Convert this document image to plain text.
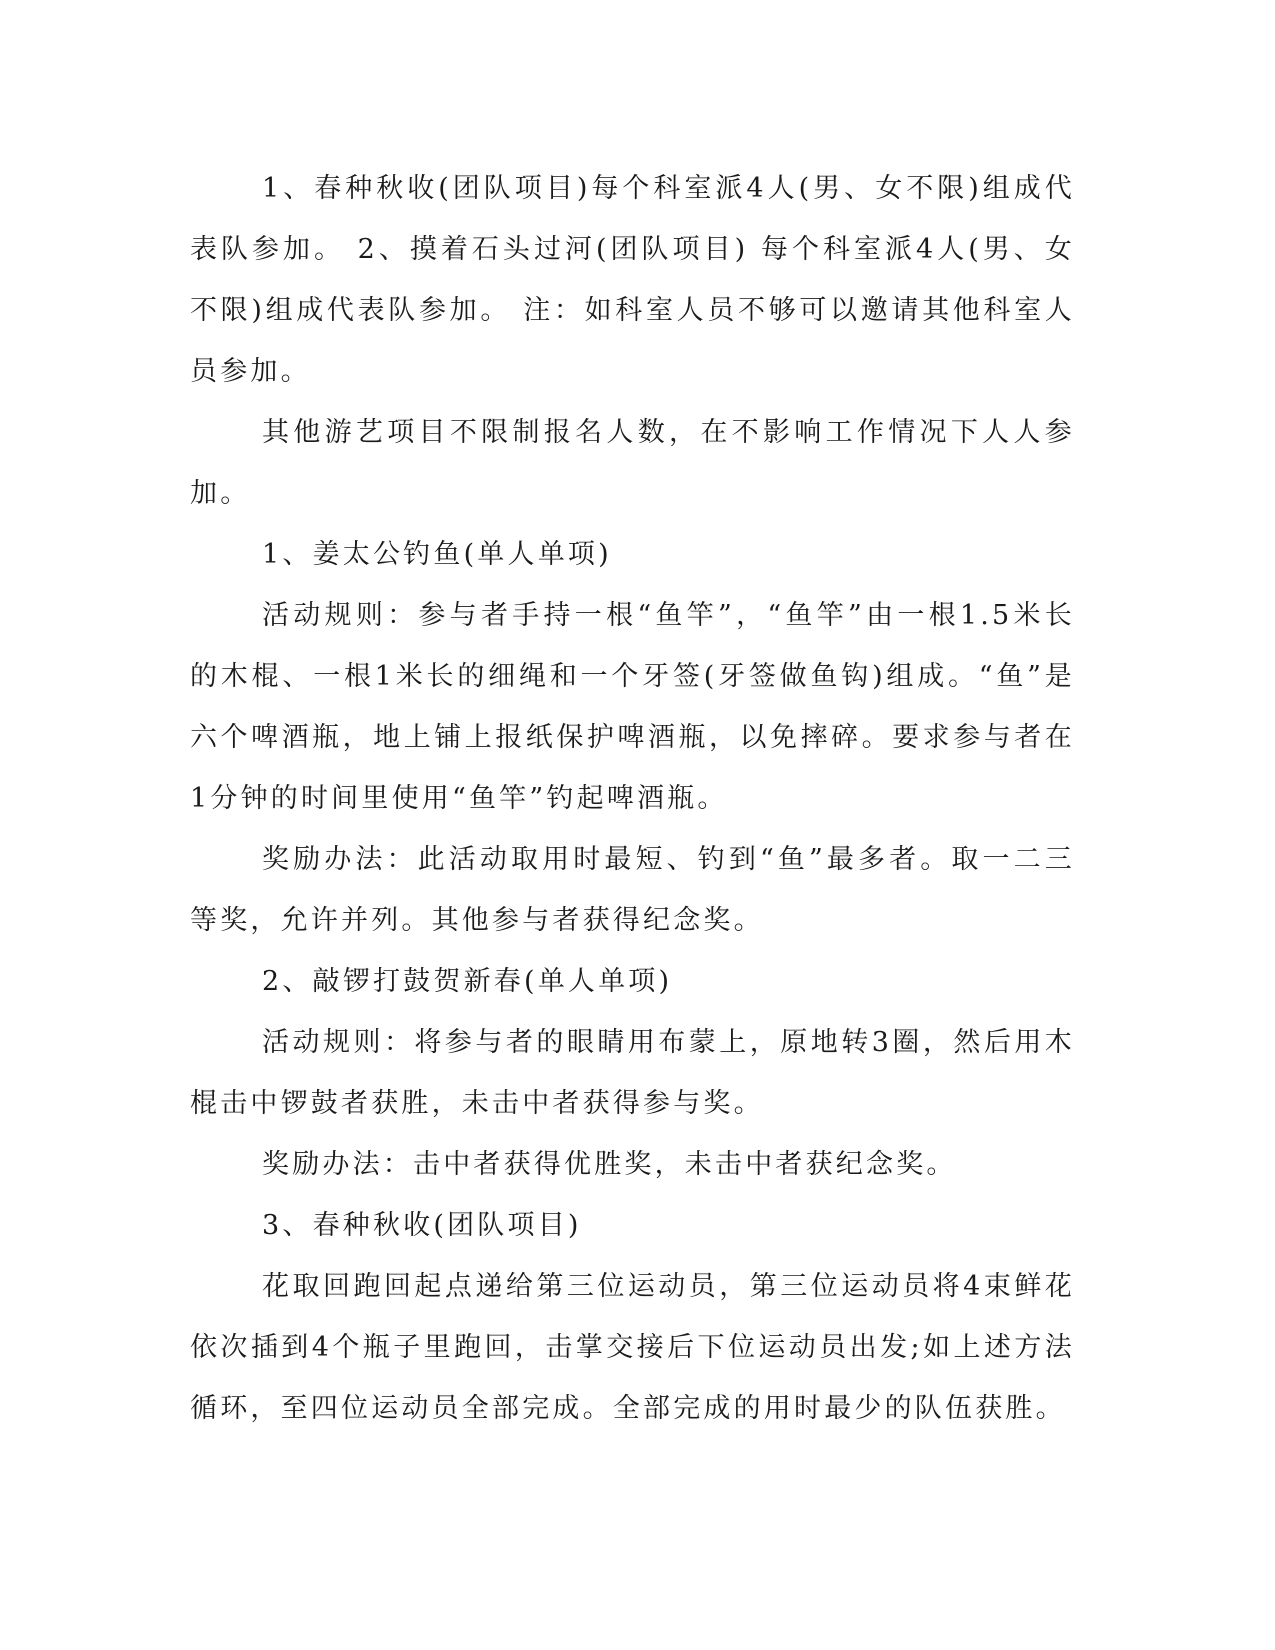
1、春种秋收(团队项目)每个科室派4人(男、女不限)组成代表队参加。 2、摸着石头过河(团队项目) 每个科室派4人(男、女不限)组成代表队参加。 注：如科室人员不够可以邀请其他科室人员参加。

其他游艺项目不限制报名人数，在不影响工作情况下人人参加。

1、姜太公钓鱼(单人单项)

活动规则：参与者手持一根“鱼竿”，“鱼竿”由一根1.5米长的木棍、一根1米长的细绳和一个牙签(牙签做鱼钩)组成。“鱼”是六个啤酒瓶，地上铺上报纸保护啤酒瓶，以免摔碎。要求参与者在1分钟的时间里使用“鱼竿”钓起啤酒瓶。

奖励办法：此活动取用时最短、钓到“鱼”最多者。取一二三等奖，允许并列。其他参与者获得纪念奖。

2、敲锣打鼓贺新春(单人单项)

活动规则：将参与者的眼睛用布蒙上，原地转3圈，然后用木棍击中锣鼓者获胜，未击中者获得参与奖。

奖励办法：击中者获得优胜奖，未击中者获纪念奖。

3、春种秋收(团队项目)

花取回跑回起点递给第三位运动员，第三位运动员将4束鲜花依次插到4个瓶子里跑回，击掌交接后下位运动员出发;如上述方法循环，至四位运动员全部完成。全部完成的用时最少的队伍获胜。
